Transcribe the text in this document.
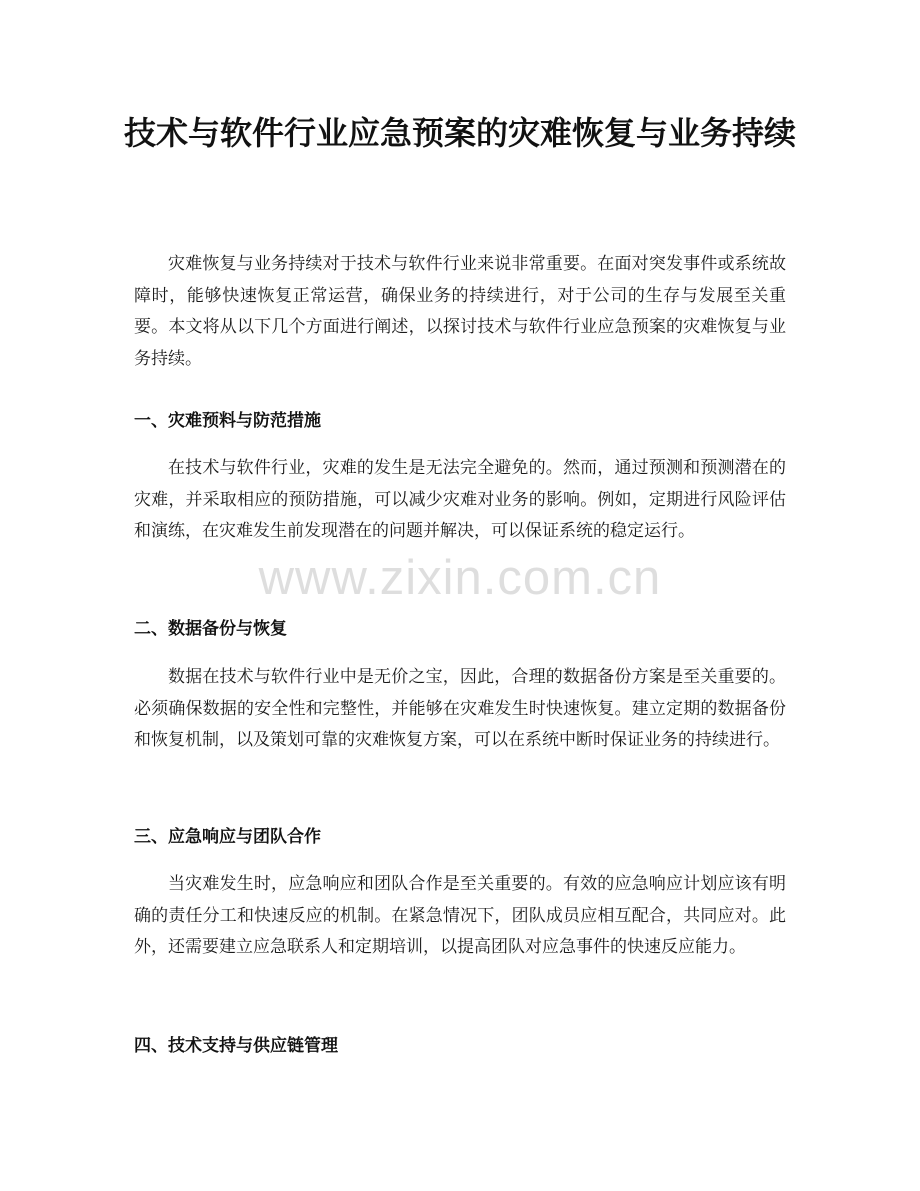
技术与软件行业应急预案的灾难恢复与业务持续

灾难恢复与业务持续对于技术与软件行业来说非常重要。在面对突发事件或系统故障时，能够快速恢复正常运营，确保业务的持续进行，对于公司的生存与发展至关重要。本文将从以下几个方面进行阐述，以探讨技术与软件行业应急预案的灾难恢复与业务持续。

一、灾难预料与防范措施

在技术与软件行业，灾难的发生是无法完全避免的。然而，通过预测和预测潜在的灾难，并采取相应的预防措施，可以减少灾难对业务的影响。例如，定期进行风险评估和演练，在灾难发生前发现潜在的问题并解决，可以保证系统的稳定运行。

二、数据备份与恢复

数据在技术与软件行业中是无价之宝，因此，合理的数据备份方案是至关重要的。必须确保数据的安全性和完整性，并能够在灾难发生时快速恢复。建立定期的数据备份和恢复机制，以及策划可靠的灾难恢复方案，可以在系统中断时保证业务的持续进行。

三、应急响应与团队合作

当灾难发生时，应急响应和团队合作是至关重要的。有效的应急响应计划应该有明确的责任分工和快速反应的机制。在紧急情况下，团队成员应相互配合，共同应对。此外，还需要建立应急联系人和定期培训，以提高团队对应急事件的快速反应能力。

四、技术支持与供应链管理
www.zixin.com.cn
